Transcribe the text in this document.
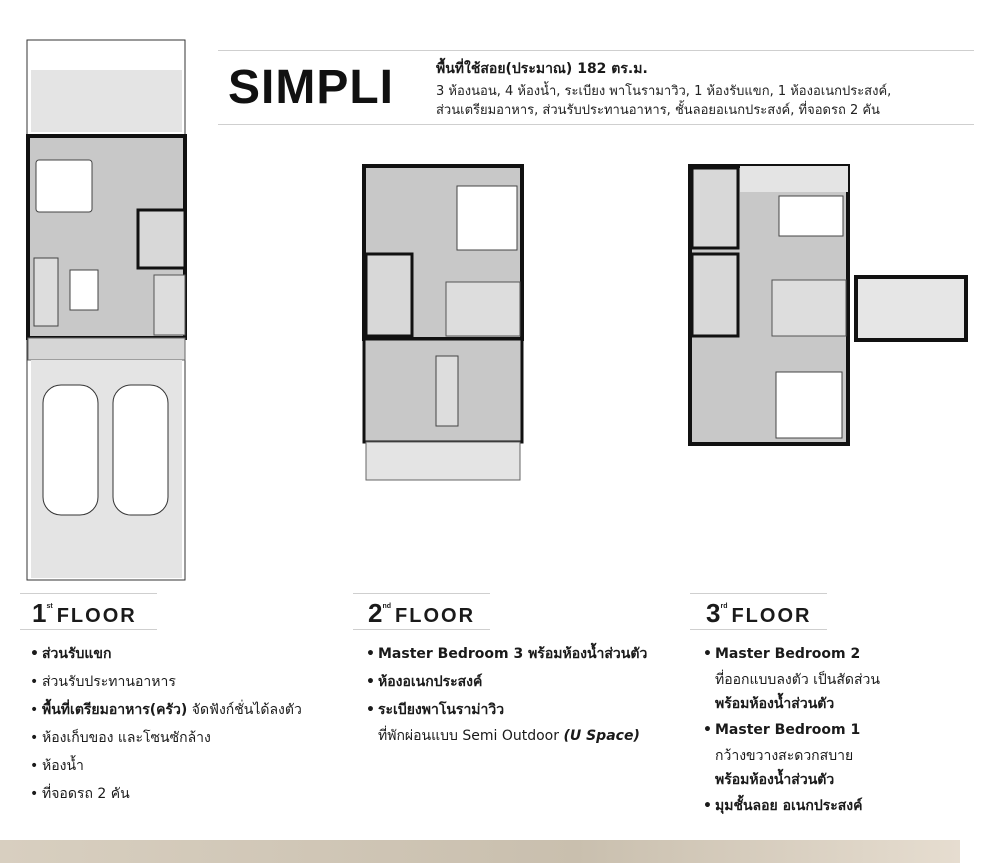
SIMPLI	พื้นที่ใช้สอย(ประมาณ) 182 ตร.ม.
3 ห้องนอน, 4 ห้องน้ำ, ระเบียง พาโนรามาวิว, 1 ห้องรับแขก, 1 ห้องอเนกประสงค์,
ส่วนเตรียมอาหาร, ส่วนรับประทานอาหาร, ชั้นลอยอเนกประสงค์, ที่จอดรถ 2 คัน
1st FLOOR	2nd FLOOR	3rd FLOOR
• ส่วนรับแขก
• ส่วนรับประทานอาหาร
• พื้นที่เตรียมอาหาร(ครัว) จัดฟังก์ชั่นได้ลงตัว
• ห้องเก็บของ และโซนซักล้าง
• ห้องน้ำ
• ที่จอดรถ 2 คัน
• Master Bedroom 3 พร้อมห้องน้ำส่วนตัว
• ห้องอเนกประสงค์
• ระเบียงพาโนราม่าวิว
ที่พักผ่อนแบบ Semi Outdoor (U Space)
• Master Bedroom 2
ที่ออกแบบลงตัว เป็นสัดส่วน
พร้อมห้องน้ำส่วนตัว
• Master Bedroom 1
กว้างขวางสะดวกสบาย
พร้อมห้องน้ำส่วนตัว
• มุมชั้นลอย อเนกประสงค์
